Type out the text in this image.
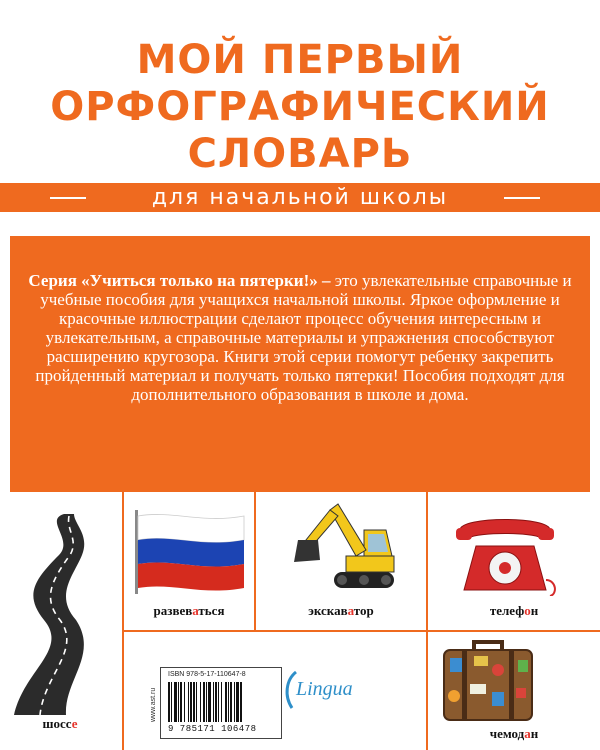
МОЙ ПЕРВЫЙ
ОРФОГРАФИЧЕСКИЙ
СЛОВАРЬ
для начальной школы
Серия «Учиться только на пятерки!» – это увлекательные справочные и учебные пособия для учащихся начальной школы. Яркое оформление и красочные иллюстрации сделают процесс обучения интересным и увлекательным, а справочные материалы и упражнения способствуют расширению кругозора. Книги этой серии помогут ребенку закрепить пройденный материал и получать только пятерки! Пособия подходят для дополнительного образования в школе и дома.
шоссе
развеваться	экскаватор	телефон
чемодан
ISBN 978-5-17-110647-8
9 785171 106478
www.ast.ru	Lingua
